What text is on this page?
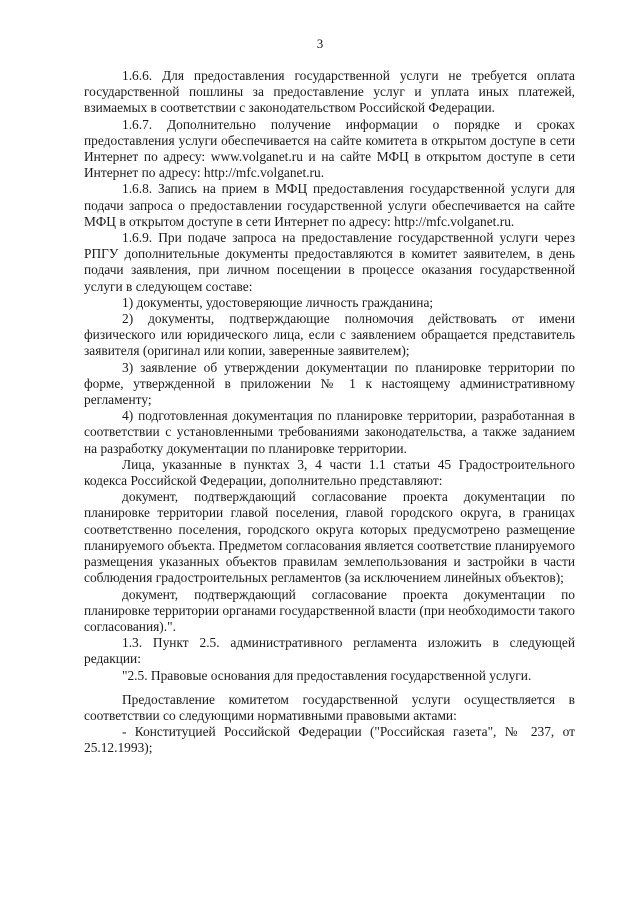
3

1.6.6. Для предоставления государственной услуги не требуется оплата государственной пошлины за предоставление услуг и уплата иных платежей, взимаемых в соответствии с законодательством Российской Федерации.

1.6.7. Дополнительно получение информации о порядке и сроках предоставления услуги обеспечивается на сайте комитета в открытом доступе в сети Интернет по адресу: www.volganet.ru и на сайте МФЦ в открытом доступе в сети Интернет по адресу: http://mfc.volganet.ru.

1.6.8. Запись на прием в МФЦ предоставления государственной услуги для подачи запроса о предоставлении государственной услуги обеспечивается на сайте МФЦ в открытом доступе в сети Интернет по адресу: http://mfc.volganet.ru.

1.6.9. При подаче запроса на предоставление государственной услуги через РПГУ дополнительные документы предоставляются в комитет заявителем, в день подачи заявления, при личном посещении в процессе оказания государственной услуги в следующем составе:

1) документы, удостоверяющие личность гражданина;

2) документы, подтверждающие полномочия действовать от имени физического или юридического лица, если с заявлением обращается представитель заявителя (оригинал или копии, заверенные заявителем);

3) заявление об утверждении документации по планировке территории по форме, утвержденной в приложении № 1 к настоящему административному регламенту;

4) подготовленная документация по планировке территории, разработанная в соответствии с установленными требованиями законодательства, а также заданием на разработку документации по планировке территории.

Лица, указанные в пунктах 3, 4 части 1.1 статьи 45 Градостроительного кодекса Российской Федерации, дополнительно представляют:

документ, подтверждающий согласование проекта документации по планировке территории главой поселения, главой городского округа, в границах соответственно поселения, городского округа которых предусмотрено размещение планируемого объекта. Предметом согласования является соответствие планируемого размещения указанных объектов правилам землепользования и застройки в части соблюдения градостроительных регламентов (за исключением линейных объектов);

документ, подтверждающий согласование проекта документации по планировке территории органами государственной власти (при необходимости такого согласования).".

1.3. Пункт 2.5. административного регламента изложить в следующей редакции:

"2.5. Правовые основания для предоставления государственной услуги.

Предоставление комитетом государственной услуги осуществляется в соответствии со следующими нормативными правовыми актами:

- Конституцией Российской Федерации ("Российская газета", № 237, от 25.12.1993);
